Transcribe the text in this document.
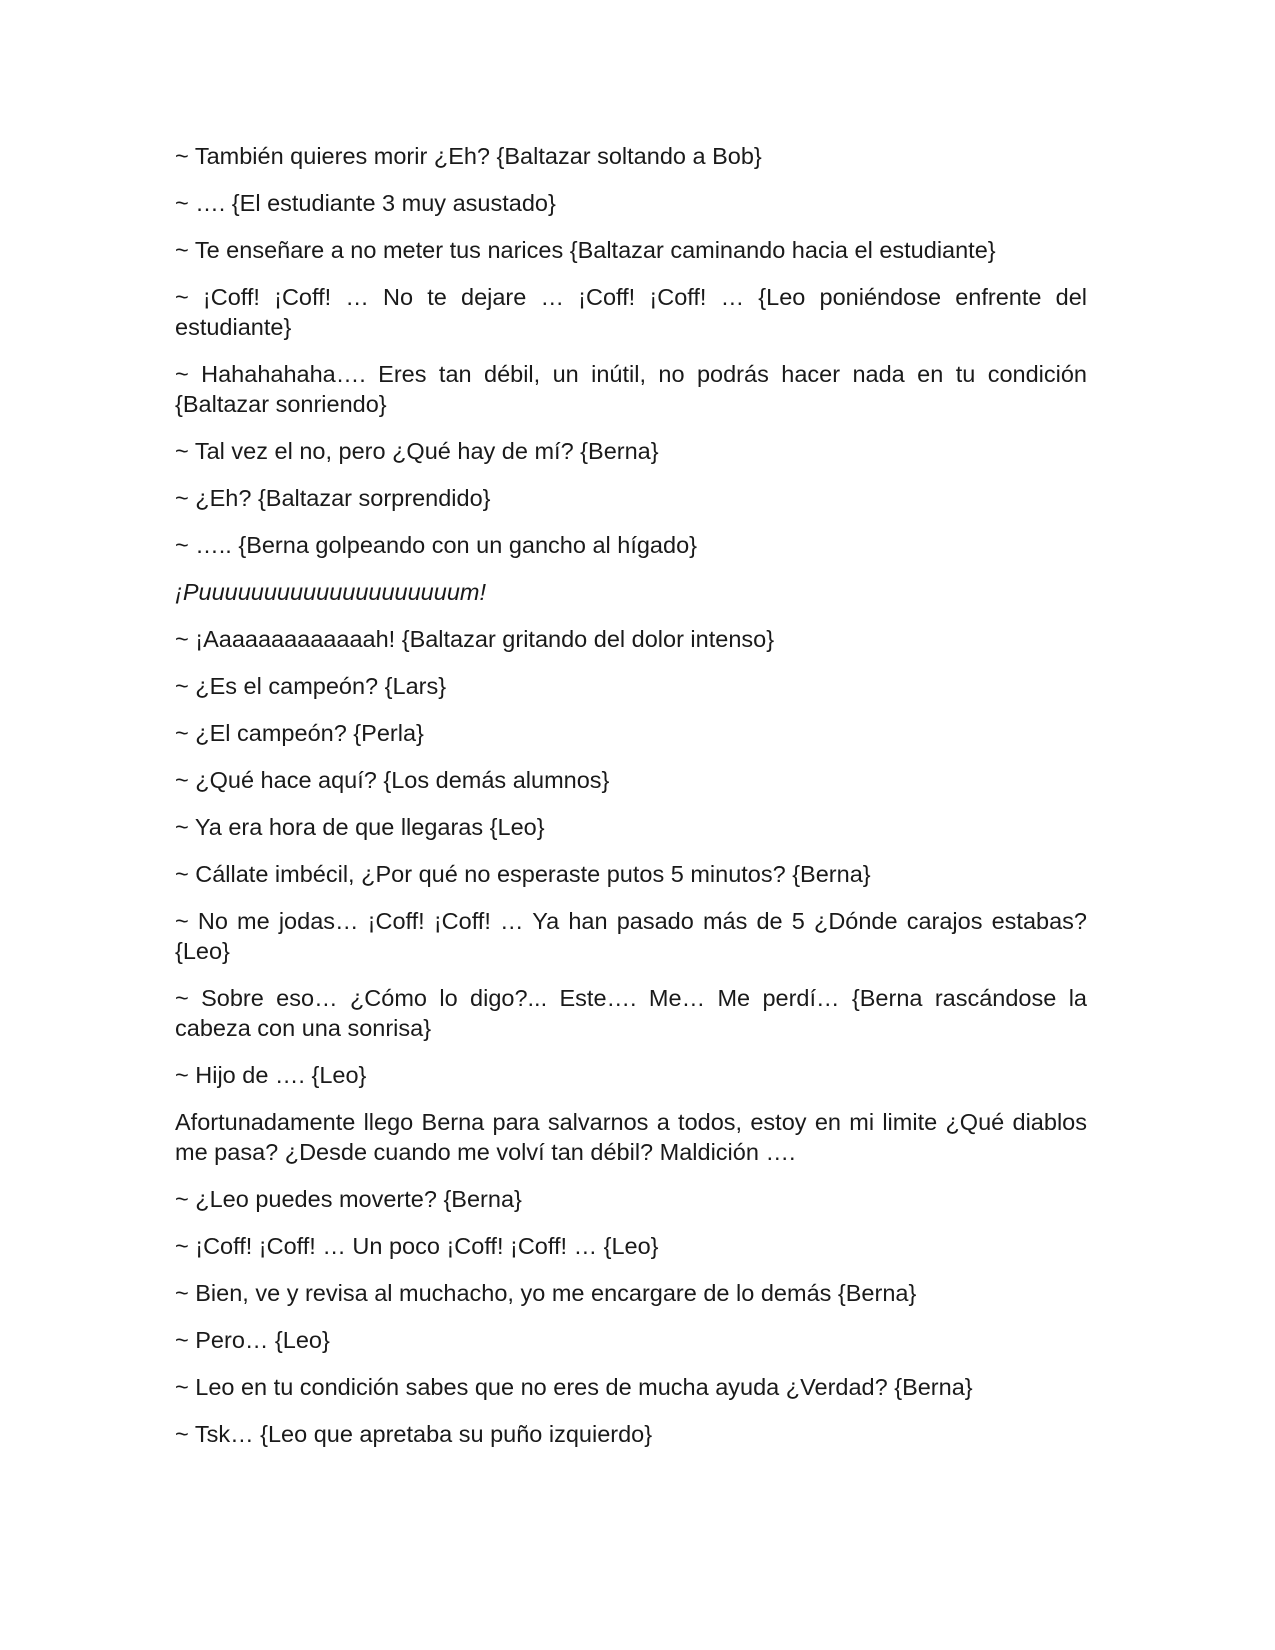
~ También quieres morir ¿Eh? {Baltazar soltando a Bob}

~ …. {El estudiante 3 muy asustado}

~ Te enseñare a no meter tus narices {Baltazar caminando hacia el estudiante}

~ ¡Coff! ¡Coff! … No te dejare … ¡Coff! ¡Coff! … {Leo poniéndose enfrente del estudiante}

~ Hahahahaha…. Eres tan débil, un inútil, no podrás hacer nada en tu condición {Baltazar sonriendo}

~ Tal vez el no, pero ¿Qué hay de mí? {Berna}

~ ¿Eh? {Baltazar sorprendido}

~ ….. {Berna golpeando con un gancho al hígado}

¡Puuuuuuuuuuuuuuuuuuuum!

~ ¡Aaaaaaaaaaaaah! {Baltazar gritando del dolor intenso}

~ ¿Es el campeón? {Lars}

~ ¿El campeón? {Perla}

~ ¿Qué hace aquí? {Los demás alumnos}

~ Ya era hora de que llegaras {Leo}

~ Cállate imbécil, ¿Por qué no esperaste putos 5 minutos? {Berna}

~ No me jodas… ¡Coff! ¡Coff! … Ya han pasado más de 5 ¿Dónde carajos estabas? {Leo}

~ Sobre eso… ¿Cómo lo digo?... Este…. Me… Me perdí… {Berna rascándose la cabeza con una sonrisa}

~ Hijo de …. {Leo}

Afortunadamente llego Berna para salvarnos a todos, estoy en mi limite ¿Qué diablos me pasa? ¿Desde cuando me volví tan débil? Maldición ….

~ ¿Leo puedes moverte? {Berna}

~ ¡Coff! ¡Coff! … Un poco ¡Coff! ¡Coff! … {Leo}

~ Bien, ve y revisa al muchacho, yo me encargare de lo demás {Berna}

~ Pero… {Leo}

~ Leo en tu condición sabes que no eres de mucha ayuda ¿Verdad? {Berna}

~ Tsk… {Leo que apretaba su puño izquierdo}
